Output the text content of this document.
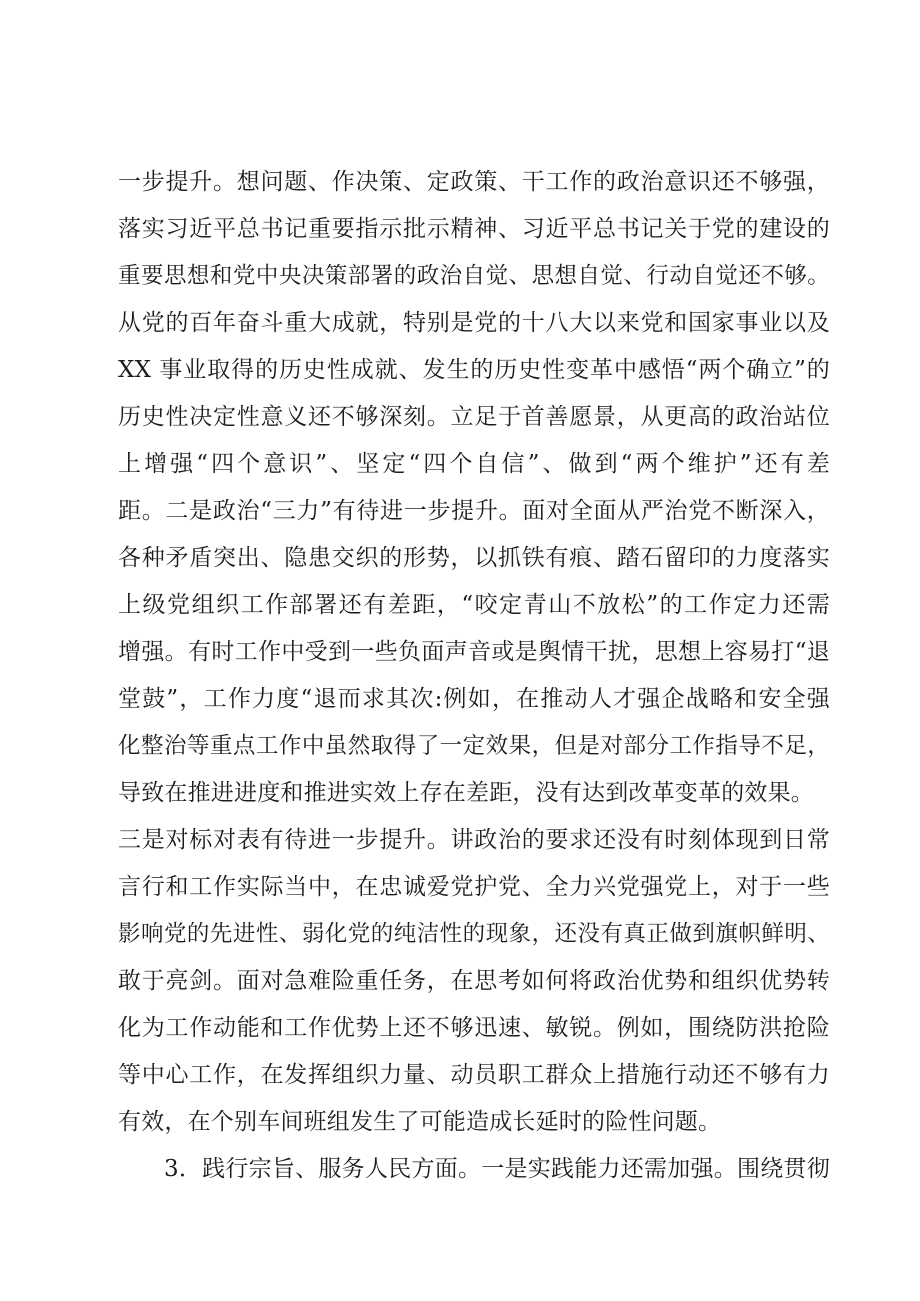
一步提升。想问题、作决策、定政策、干工作的政治意识还不够强，
落实习近平总书记重要指示批示精神、习近平总书记关于党的建设的
重要思想和党中央决策部署的政治自觉、思想自觉、行动自觉还不够。
从党的百年奋斗重大成就，特别是党的十八大以来党和国家事业以及
XX 事业取得的历史性成就、发生的历史性变革中感悟“两个确立”的
历史性决定性意义还不够深刻。立足于首善愿景，从更高的政治站位
上增强“四个意识”、坚定“四个自信”、做到“两个维护”还有差
距。二是政治“三力”有待进一步提升。面对全面从严治党不断深入，
各种矛盾突出、隐患交织的形势，以抓铁有痕、踏石留印的力度落实
上级党组织工作部署还有差距，“咬定青山不放松”的工作定力还需
增强。有时工作中受到一些负面声音或是舆情干扰，思想上容易打“退
堂鼓”，工作力度“退而求其次:例如，在推动人才强企战略和安全强
化整治等重点工作中虽然取得了一定效果，但是对部分工作指导不足，
导致在推进进度和推进实效上存在差距，没有达到改革变革的效果。
三是对标对表有待进一步提升。讲政治的要求还没有时刻体现到日常
言行和工作实际当中，在忠诚爱党护党、全力兴党强党上，对于一些
影响党的先进性、弱化党的纯洁性的现象，还没有真正做到旗帜鲜明、
敢于亮剑。面对急难险重任务，在思考如何将政治优势和组织优势转
化为工作动能和工作优势上还不够迅速、敏锐。例如，围绕防洪抢险
等中心工作，在发挥组织力量、动员职工群众上措施行动还不够有力
有效，在个别车间班组发生了可能造成长延时的险性问题。
3．践行宗旨、服务人民方面。一是实践能力还需加强。围绕贯彻
